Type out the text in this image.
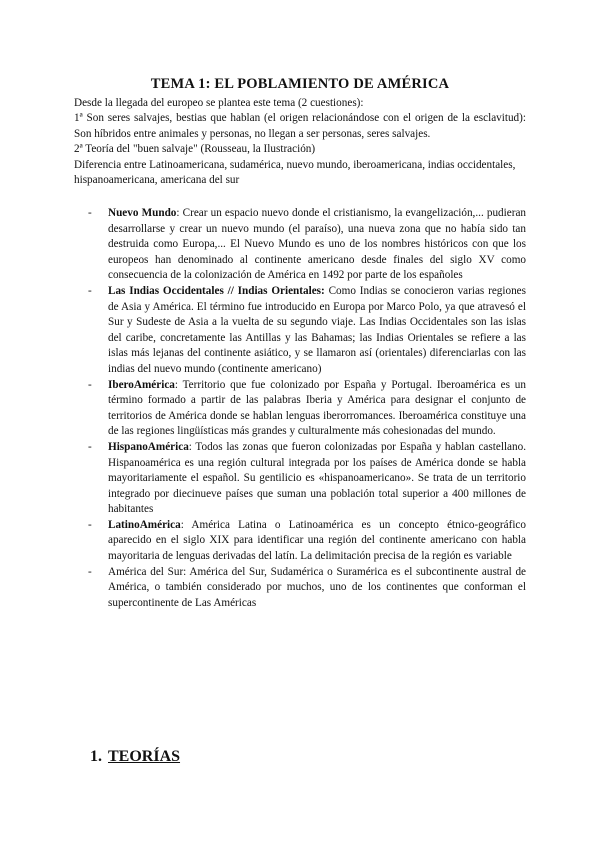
TEMA 1: EL POBLAMIENTO DE AMÉRICA

Desde la llegada del europeo se plantea este tema (2 cuestiones):

1ª Son seres salvajes, bestias que hablan (el origen relacionándose con el origen de la esclavitud): Son híbridos entre animales y personas, no llegan a ser personas, seres salvajes.

2ª Teoría del "buen salvaje" (Rousseau, la Ilustración)

Diferencia entre Latinoamericana, sudamérica, nuevo mundo, iberoamericana, indias occidentales, hispanoamericana, americana del sur

- Nuevo Mundo: Crear un espacio nuevo donde el cristianismo, la evangelización,... pudieran desarrollarse y crear un nuevo mundo (el paraíso), una nueva zona que no había sido tan destruida como Europa,... El Nuevo Mundo es uno de los nombres históricos con que los europeos han denominado al continente americano desde finales del siglo XV como consecuencia de la colonización de América en 1492 por parte de los españoles
- Las Indias Occidentales // Indias Orientales: Como Indias se conocieron varias regiones de Asia y América. El término fue introducido en Europa por Marco Polo, ya que atravesó el Sur y Sudeste de Asia a la vuelta de su segundo viaje. Las Indias Occidentales son las islas del caribe, concretamente las Antillas y las Bahamas; las Indias Orientales se refiere a las islas más lejanas del continente asiático, y se llamaron así (orientales) diferenciarlas con las indias del nuevo mundo (continente americano)
- IberoAmérica: Territorio que fue colonizado por España y Portugal. Iberoamérica es un término formado a partir de las palabras Iberia y América para designar el conjunto de territorios de América donde se hablan lenguas iberorromances. Iberoamérica constituye una de las regiones lingüísticas más grandes y culturalmente más cohesionadas del mundo.
- HispanoAmérica: Todos las zonas que fueron colonizadas por España y hablan castellano. Hispanoamérica es una región cultural integrada por los países de América donde se habla mayoritariamente el español. Su gentilicio es «hispanoamericano». Se trata de un territorio integrado por diecinueve países que suman una población total superior a 400 millones de habitantes
- LatinoAmérica: América Latina o Latinoamérica es un concepto étnico-geográfico aparecido en el siglo XIX para identificar una región del continente americano con habla mayoritaria de lenguas derivadas del latín. La delimitación precisa de la región es variable
- América del Sur: América del Sur, Sudamérica o Suramérica es el subcontinente austral de América, o también considerado por muchos, uno de los continentes que conforman el supercontinente de Las Américas
1. TEORÍAS
